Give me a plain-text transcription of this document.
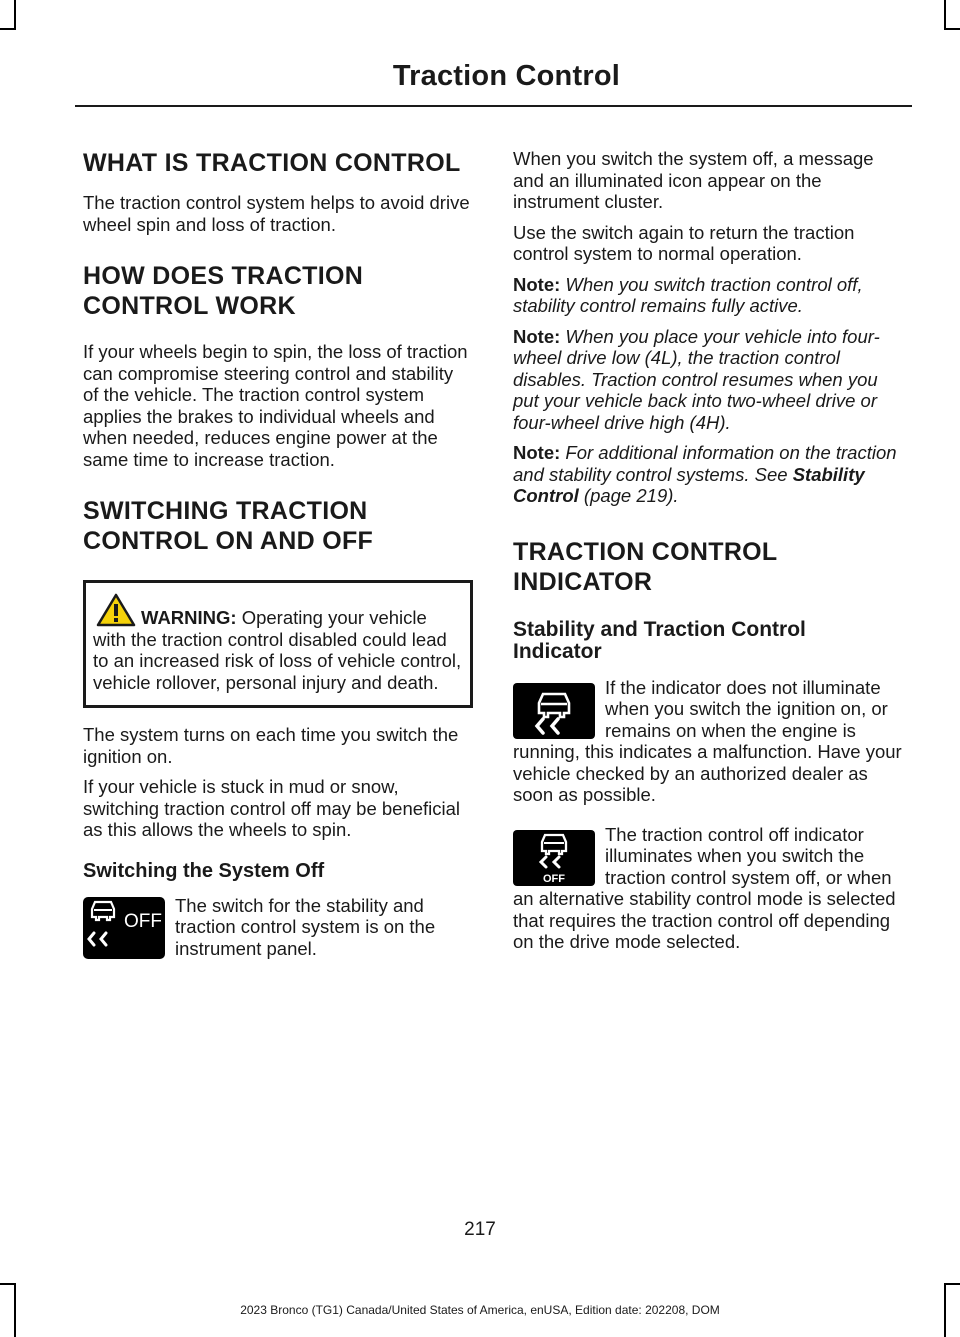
Traction Control
WHAT IS TRACTION CONTROL

The traction control system helps to avoid drive wheel spin and loss of traction.

HOW DOES TRACTION
CONTROL WORK

If your wheels begin to spin, the loss of traction can compromise steering control and stability of the vehicle. The traction control system applies the brakes to individual wheels and when needed, reduces engine power at the same time to increase traction.

SWITCHING TRACTION
CONTROL ON AND OFF
WARNING: Operating your vehicle with the traction control disabled could lead to an increased risk of loss of vehicle control, vehicle rollover, personal injury and death.

The system turns on each time you switch the ignition on.

If your vehicle is stuck in mud or snow, switching traction control off may be beneficial as this allows the wheels to spin.

Switching the System Off
OFF

The switch for the stability and traction control system is on the instrument panel.

When you switch the system off, a message and an illuminated icon appear on the instrument cluster.

Use the switch again to return the traction control system to normal operation.

Note: When you switch traction control off, stability control remains fully active.

Note: When you place your vehicle into four-wheel drive low (4L), the traction control disables. Traction control resumes when you put your vehicle back into two-wheel drive or four-wheel drive high (4H).

Note: For additional information on the traction and stability control systems. See Stability Control (page 219).

TRACTION CONTROL
INDICATOR
Stability and Traction Control
Indicator

If the indicator does not illuminate when you switch the ignition on, or remains on when the engine is running, this indicates a malfunction. Have your vehicle checked by an authorized dealer as soon as possible.

OFF

The traction control off indicator illuminates when you switch the traction control system off, or when an alternative stability control mode is selected that requires the traction control off depending on the drive mode selected.

217
2023 Bronco (TG1) Canada/United States of America, enUSA, Edition date: 202208, DOM
